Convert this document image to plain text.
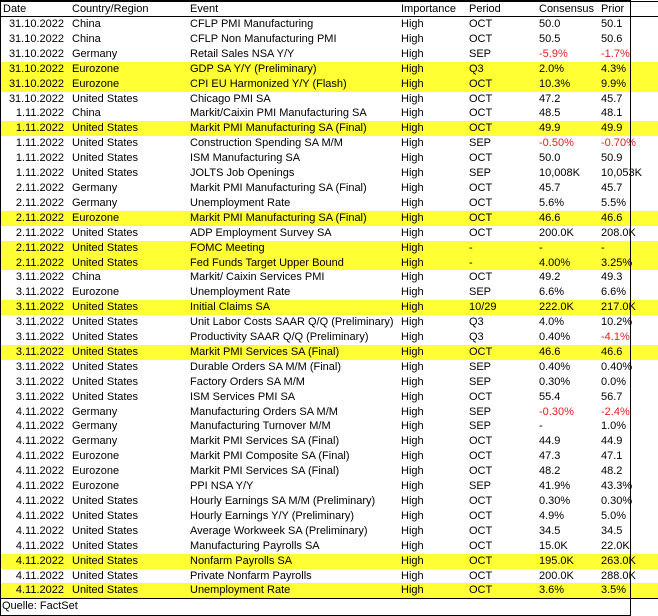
Date	Country/Region	Event	Importance	Period	Consensus	Prior
31.10.2022	China	CFLP PMI Manufacturing	High	OCT	50.0	50.1
31.10.2022	China	CFLP Non Manufacturing PMI	High	OCT	50.5	50.6
31.10.2022	Germany	Retail Sales NSA Y/Y	High	SEP	-5.9%	-1.7%
31.10.2022	Eurozone	GDP SA Y/Y (Preliminary)	High	Q3	2.0%	4.3%
31.10.2022	Eurozone	CPI EU Harmonized Y/Y (Flash)	High	OCT	10.3%	9.9%
31.10.2022	United States	Chicago PMI SA	High	OCT	47.2	45.7
1.11.2022	China	Markit/Caixin PMI Manufacturing SA	High	OCT	48.5	48.1
1.11.2022	United States	Markit PMI Manufacturing SA (Final)	High	OCT	49.9	49.9
1.11.2022	United States	Construction Spending SA M/M	High	SEP	-0.50%	-0.70%
1.11.2022	United States	ISM Manufacturing SA	High	OCT	50.0	50.9
1.11.2022	United States	JOLTS Job Openings	High	SEP	10,008K	10,053K
2.11.2022	Germany	Markit PMI Manufacturing SA (Final)	High	OCT	45.7	45.7
2.11.2022	Germany	Unemployment Rate	High	OCT	5.6%	5.5%
2.11.2022	Eurozone	Markit PMI Manufacturing SA (Final)	High	OCT	46.6	46.6
2.11.2022	United States	ADP Employment Survey SA	High	OCT	200.0K	208.0K
2.11.2022	United States	FOMC Meeting	High	-	-	-
2.11.2022	United States	Fed Funds Target Upper Bound	High	-	4.00%	3.25%
3.11.2022	China	Markit/ Caixin Services PMI	High	OCT	49.2	49.3
3.11.2022	Eurozone	Unemployment Rate	High	SEP	6.6%	6.6%
3.11.2022	United States	Initial Claims SA	High	10/29	222.0K	217.0K
3.11.2022	United States	Unit Labor Costs SAAR Q/Q (Preliminary)	High	Q3	4.0%	10.2%
3.11.2022	United States	Productivity SAAR Q/Q (Preliminary)	High	Q3	0.40%	-4.1%
3.11.2022	United States	Markit PMI Services SA (Final)	High	OCT	46.6	46.6
3.11.2022	United States	Durable Orders SA M/M (Final)	High	SEP	0.40%	0.40%
3.11.2022	United States	Factory Orders SA M/M	High	SEP	0.30%	0.0%
3.11.2022	United States	ISM Services PMI SA	High	OCT	55.4	56.7
4.11.2022	Germany	Manufacturing Orders SA M/M	High	SEP	-0.30%	-2.4%
4.11.2022	Germany	Manufacturing Turnover M/M	High	SEP	-	1.0%
4.11.2022	Germany	Markit PMI Services SA (Final)	High	OCT	44.9	44.9
4.11.2022	Eurozone	Markit PMI Composite SA (Final)	High	OCT	47.3	47.1
4.11.2022	Eurozone	Markit PMI Services SA (Final)	High	OCT	48.2	48.2
4.11.2022	Eurozone	PPI NSA Y/Y	High	SEP	41.9%	43.3%
4.11.2022	United States	Hourly Earnings SA M/M (Preliminary)	High	OCT	0.30%	0.30%
4.11.2022	United States	Hourly Earnings Y/Y (Preliminary)	High	OCT	4.9%	5.0%
4.11.2022	United States	Average Workweek SA (Preliminary)	High	OCT	34.5	34.5
4.11.2022	United States	Manufacturing Payrolls SA	High	OCT	15.0K	22.0K
4.11.2022	United States	Nonfarm Payrolls SA	High	OCT	195.0K	263.0K
4.11.2022	United States	Private Nonfarm Payrolls	High	OCT	200.0K	288.0K
4.11.2022	United States	Unemployment Rate	High	OCT	3.6%	3.5%
Quelle: FactSet
